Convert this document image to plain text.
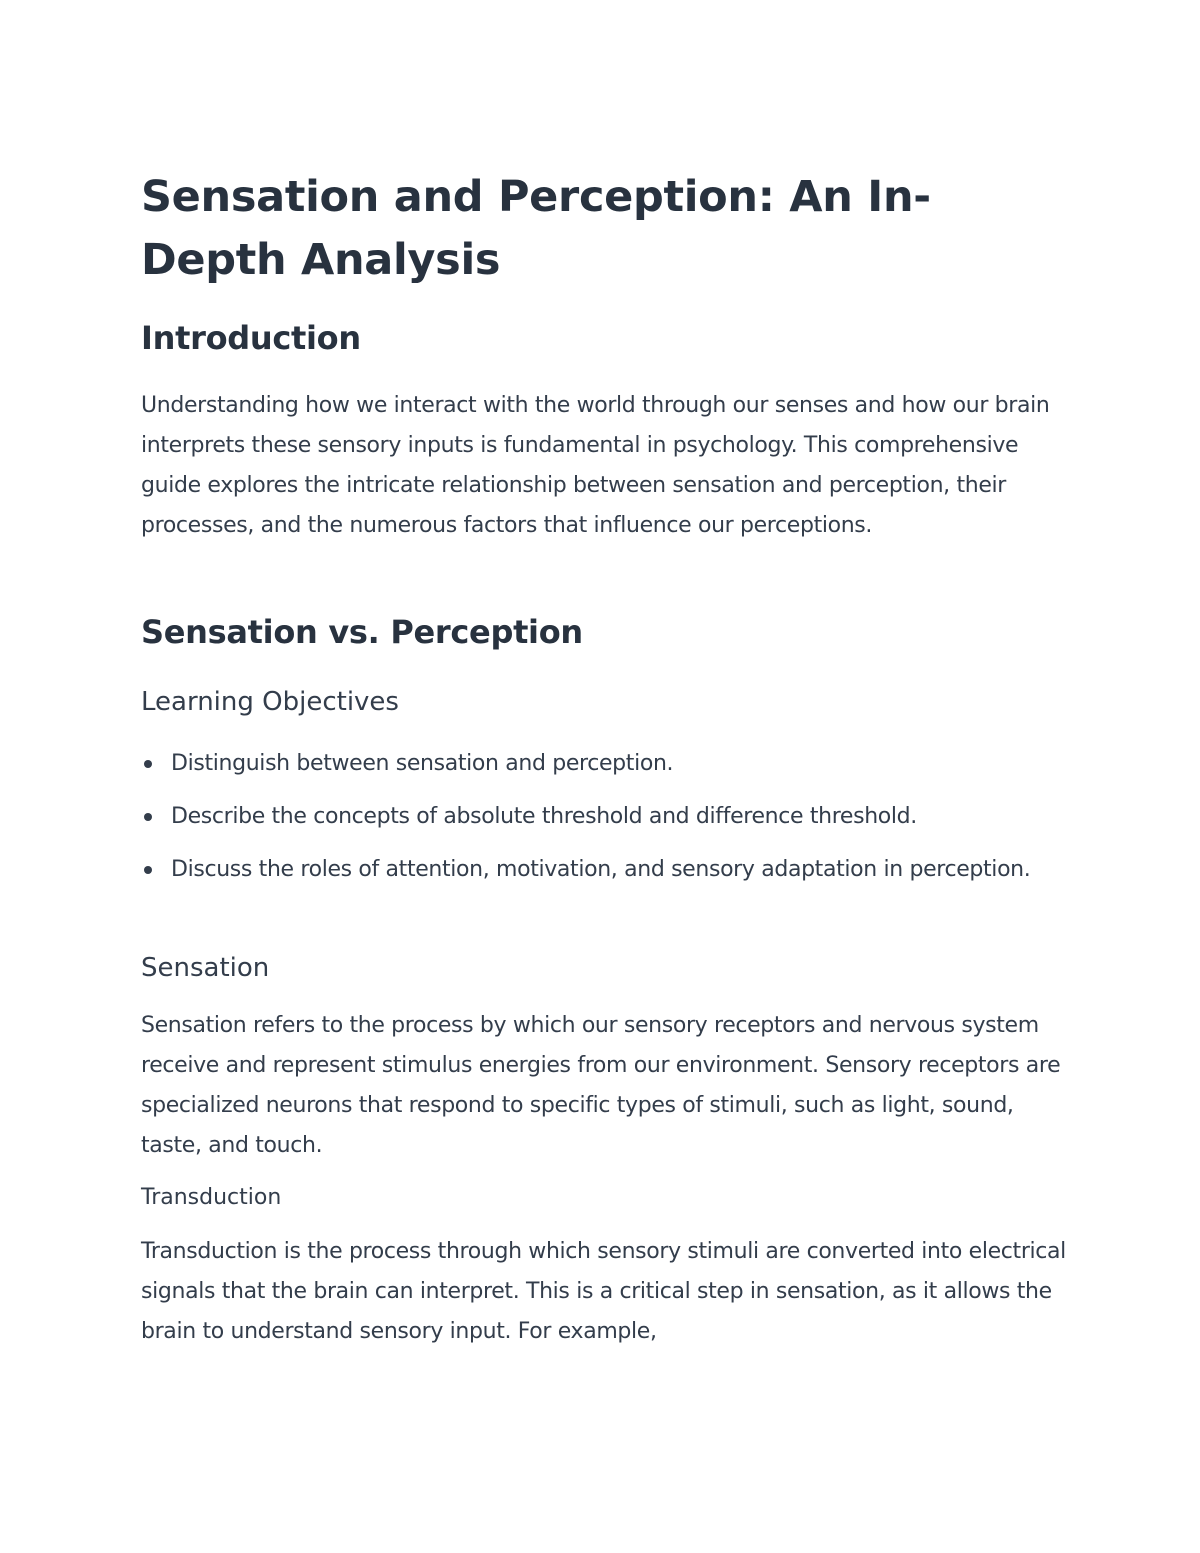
Sensation and Perception: An In-Depth Analysis
Introduction

Understanding how we interact with the world through our senses and how our brain interprets these sensory inputs is fundamental in psychology. This comprehensive guide explores the intricate relationship between sensation and perception, their processes, and the numerous factors that influence our perceptions.

Sensation vs. Perception
Learning Objectives
Distinguish between sensation and perception.
Describe the concepts of absolute threshold and difference threshold.
Discuss the roles of attention, motivation, and sensory adaptation in perception.
Sensation

Sensation refers to the process by which our sensory receptors and nervous system receive and represent stimulus energies from our environment. Sensory receptors are specialized neurons that respond to specific types of stimuli, such as light, sound, taste, and touch.

Transduction

Transduction is the process through which sensory stimuli are converted into electrical signals that the brain can interpret. This is a critical step in sensation, as it allows the brain to understand sensory input. For example,
